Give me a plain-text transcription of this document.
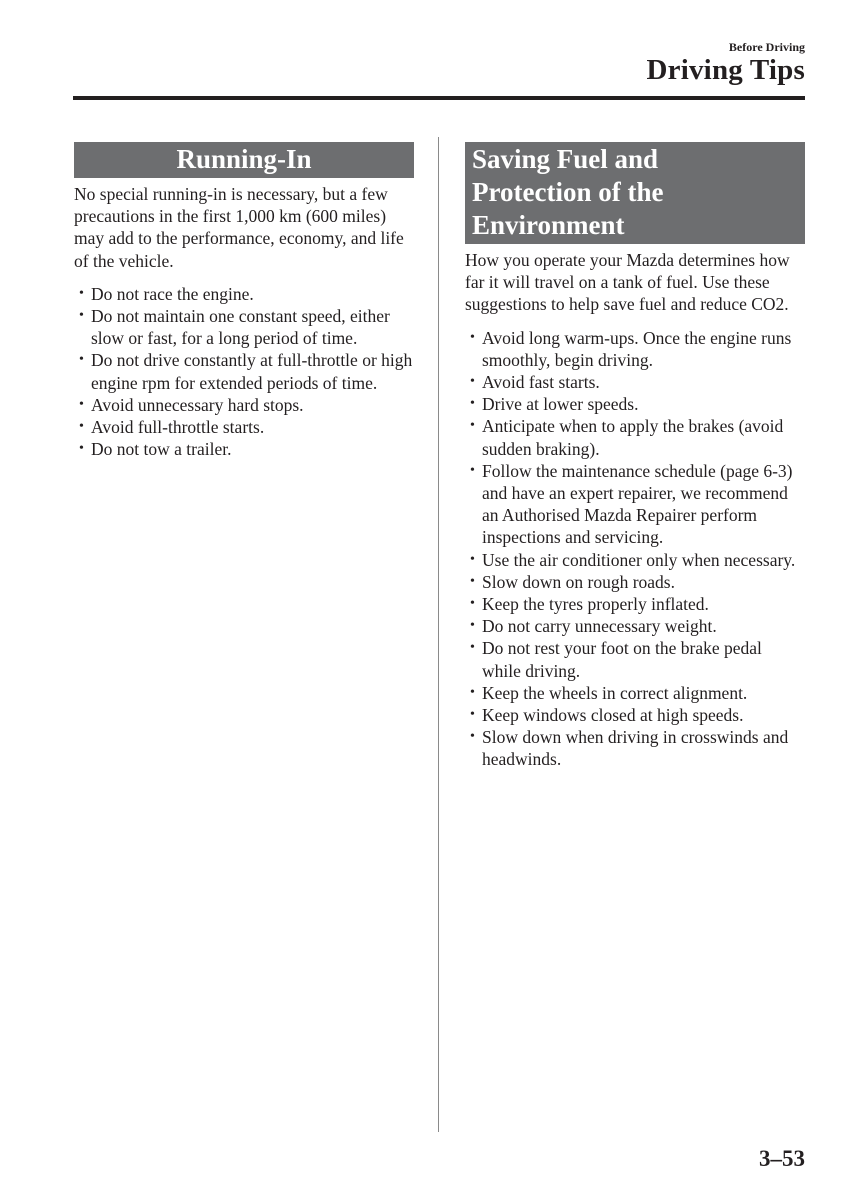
Before Driving
Driving Tips
Running-In

No special running-in is necessary, but a few precautions in the first 1,000 km (600 miles) may add to the performance, economy, and life of the vehicle.

• Do not race the engine.
• Do not maintain one constant speed, either slow or fast, for a long period of time.
• Do not drive constantly at full-throttle or high engine rpm for extended periods of time.
• Avoid unnecessary hard stops.
• Avoid full-throttle starts.
• Do not tow a trailer.
Saving Fuel and
Protection of the
Environment

How you operate your Mazda determines how far it will travel on a tank of fuel. Use these suggestions to help save fuel and reduce CO2.

• Avoid long warm-ups. Once the engine runs smoothly, begin driving.
• Avoid fast starts.
• Drive at lower speeds.
• Anticipate when to apply the brakes (avoid sudden braking).
• Follow the maintenance schedule (page 6-3) and have an expert repairer, we recommend an Authorised Mazda Repairer perform inspections and servicing.
• Use the air conditioner only when necessary.
• Slow down on rough roads.
• Keep the tyres properly inflated.
• Do not carry unnecessary weight.
• Do not rest your foot on the brake pedal while driving.
• Keep the wheels in correct alignment.
• Keep windows closed at high speeds.
• Slow down when driving in crosswinds and headwinds.
3–53
